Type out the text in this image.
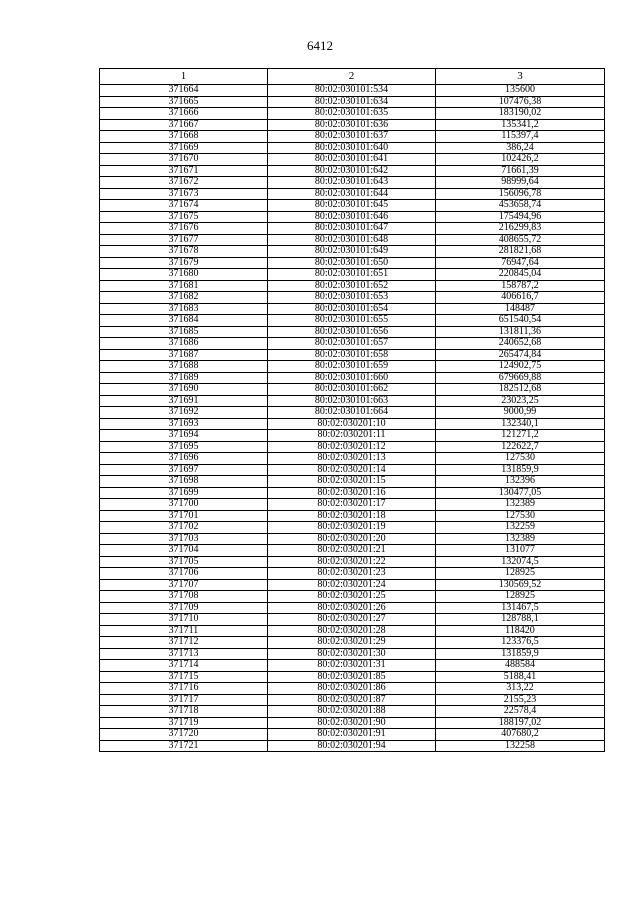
6412
1	2	3
371664	80:02:030101:534	135600
371665	80:02:030101:634	107476,38
371666	80:02:030101:635	183190,02
371667	80:02:030101:636	135341,2
371668	80:02:030101:637	115397,4
371669	80:02:030101:640	386,24
371670	80:02:030101:641	102426,2
371671	80:02:030101:642	71661,39
371672	80:02:030101:643	98999,64
371673	80:02:030101:644	156096,78
371674	80:02:030101:645	453658,74
371675	80:02:030101:646	175494,96
371676	80:02:030101:647	216299,83
371677	80:02:030101:648	408655,72
371678	80:02:030101:649	281821,68
371679	80:02:030101:650	76947,64
371680	80:02:030101:651	220845,04
371681	80:02:030101:652	158787,2
371682	80:02:030101:653	406616,7
371683	80:02:030101:654	148487
371684	80:02:030101:655	651540,54
371685	80:02:030101:656	131811,36
371686	80:02:030101:657	240652,68
371687	80:02:030101:658	265474,84
371688	80:02:030101:659	124902,75
371689	80:02:030101:660	679669,88
371690	80:02:030101:662	182512,68
371691	80:02:030101:663	23023,25
371692	80:02:030101:664	9000,99
371693	80:02:030201:10	132340,1
371694	80:02:030201:11	121271,2
371695	80:02:030201:12	122622,7
371696	80:02:030201:13	127530
371697	80:02:030201:14	131859,9
371698	80:02:030201:15	132396
371699	80:02:030201:16	130477,05
371700	80:02:030201:17	132389
371701	80:02:030201:18	127530
371702	80:02:030201:19	132259
371703	80:02:030201:20	132389
371704	80:02:030201:21	131077
371705	80:02:030201:22	132074,5
371706	80:02:030201:23	128925
371707	80:02:030201:24	130569,52
371708	80:02:030201:25	128925
371709	80:02:030201:26	131467,5
371710	80:02:030201:27	128788,1
371711	80:02:030201:28	118420
371712	80:02:030201:29	123376,5
371713	80:02:030201:30	131859,9
371714	80:02:030201:31	488584
371715	80:02:030201:85	5188,41
371716	80:02:030201:86	313,22
371717	80:02:030201:87	2155,23
371718	80:02:030201:88	22578,4
371719	80:02:030201:90	188197,02
371720	80:02:030201:91	407680,2
371721	80:02:030201:94	132258
